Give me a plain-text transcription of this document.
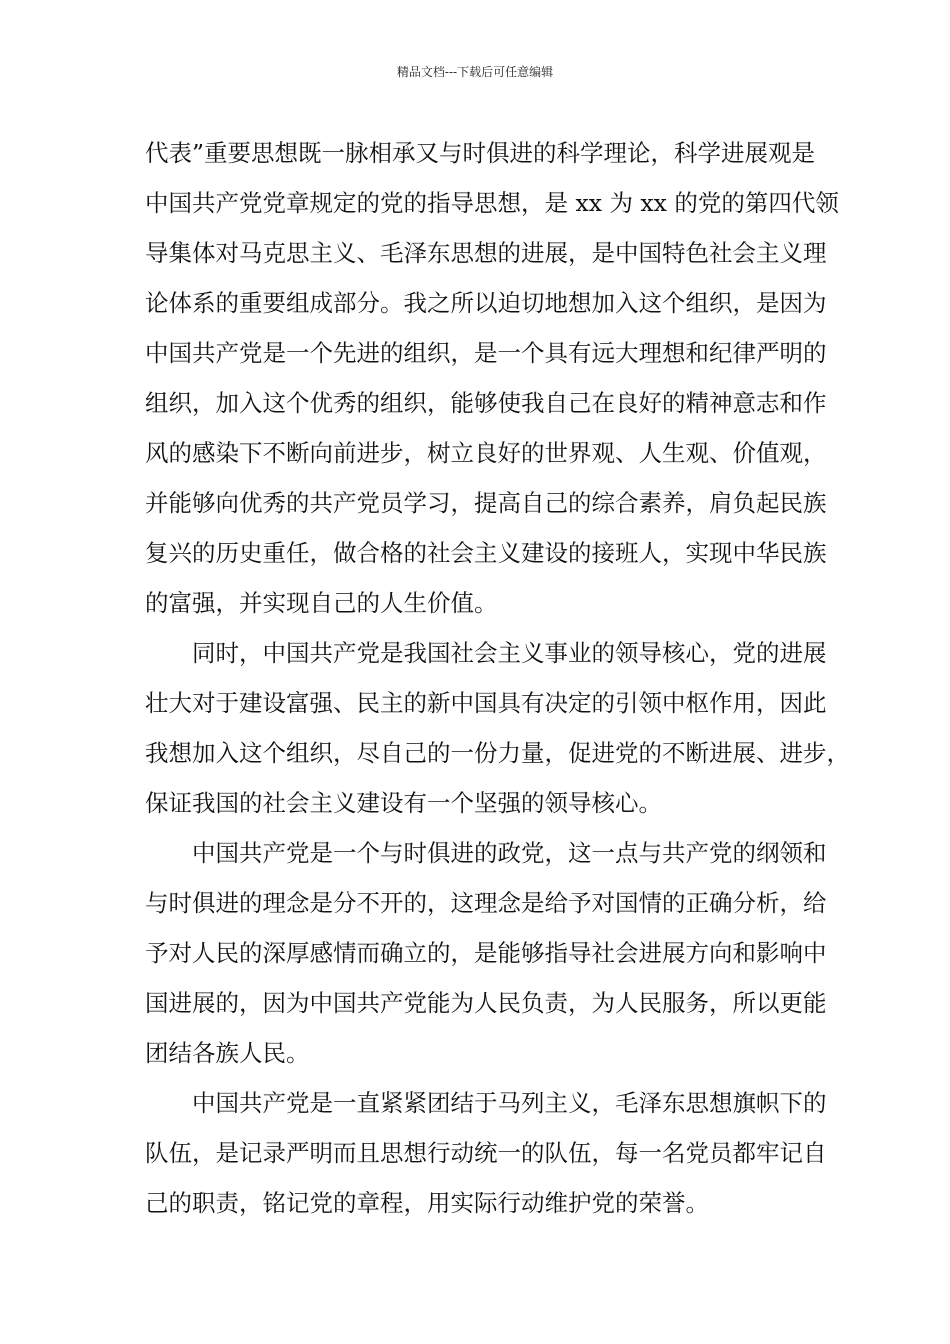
精品文档---下载后可任意编辑
代表”重要思想既一脉相承又与时俱进的科学理论，科学进展观是
中国共产党党章规定的党的指导思想，是 xx 为 xx 的党的第四代领
导集体对马克思主义、毛泽东思想的进展，是中国特色社会主义理
论体系的重要组成部分。我之所以迫切地想加入这个组织，是因为
中国共产党是一个先进的组织，是一个具有远大理想和纪律严明的
组织，加入这个优秀的组织，能够使我自己在良好的精神意志和作
风的感染下不断向前进步，树立良好的世界观、人生观、价值观，
并能够向优秀的共产党员学习，提高自己的综合素养，肩负起民族
复兴的历史重任，做合格的社会主义建设的接班人，实现中华民族
的富强，并实现自己的人生价值。
同时，中国共产党是我国社会主义事业的领导核心，党的进展
壮大对于建设富强、民主的新中国具有决定的引领中枢作用，因此
我想加入这个组织，尽自己的一份力量，促进党的不断进展、进步，
保证我国的社会主义建设有一个坚强的领导核心。
中国共产党是一个与时俱进的政党，这一点与共产党的纲领和
与时俱进的理念是分不开的，这理念是给予对国情的正确分析，给
予对人民的深厚感情而确立的，是能够指导社会进展方向和影响中
国进展的，因为中国共产党能为人民负责，为人民服务，所以更能
团结各族人民。
中国共产党是一直紧紧团结于马列主义，毛泽东思想旗帜下的
队伍，是记录严明而且思想行动统一的队伍，每一名党员都牢记自
己的职责，铭记党的章程，用实际行动维护党的荣誉。
